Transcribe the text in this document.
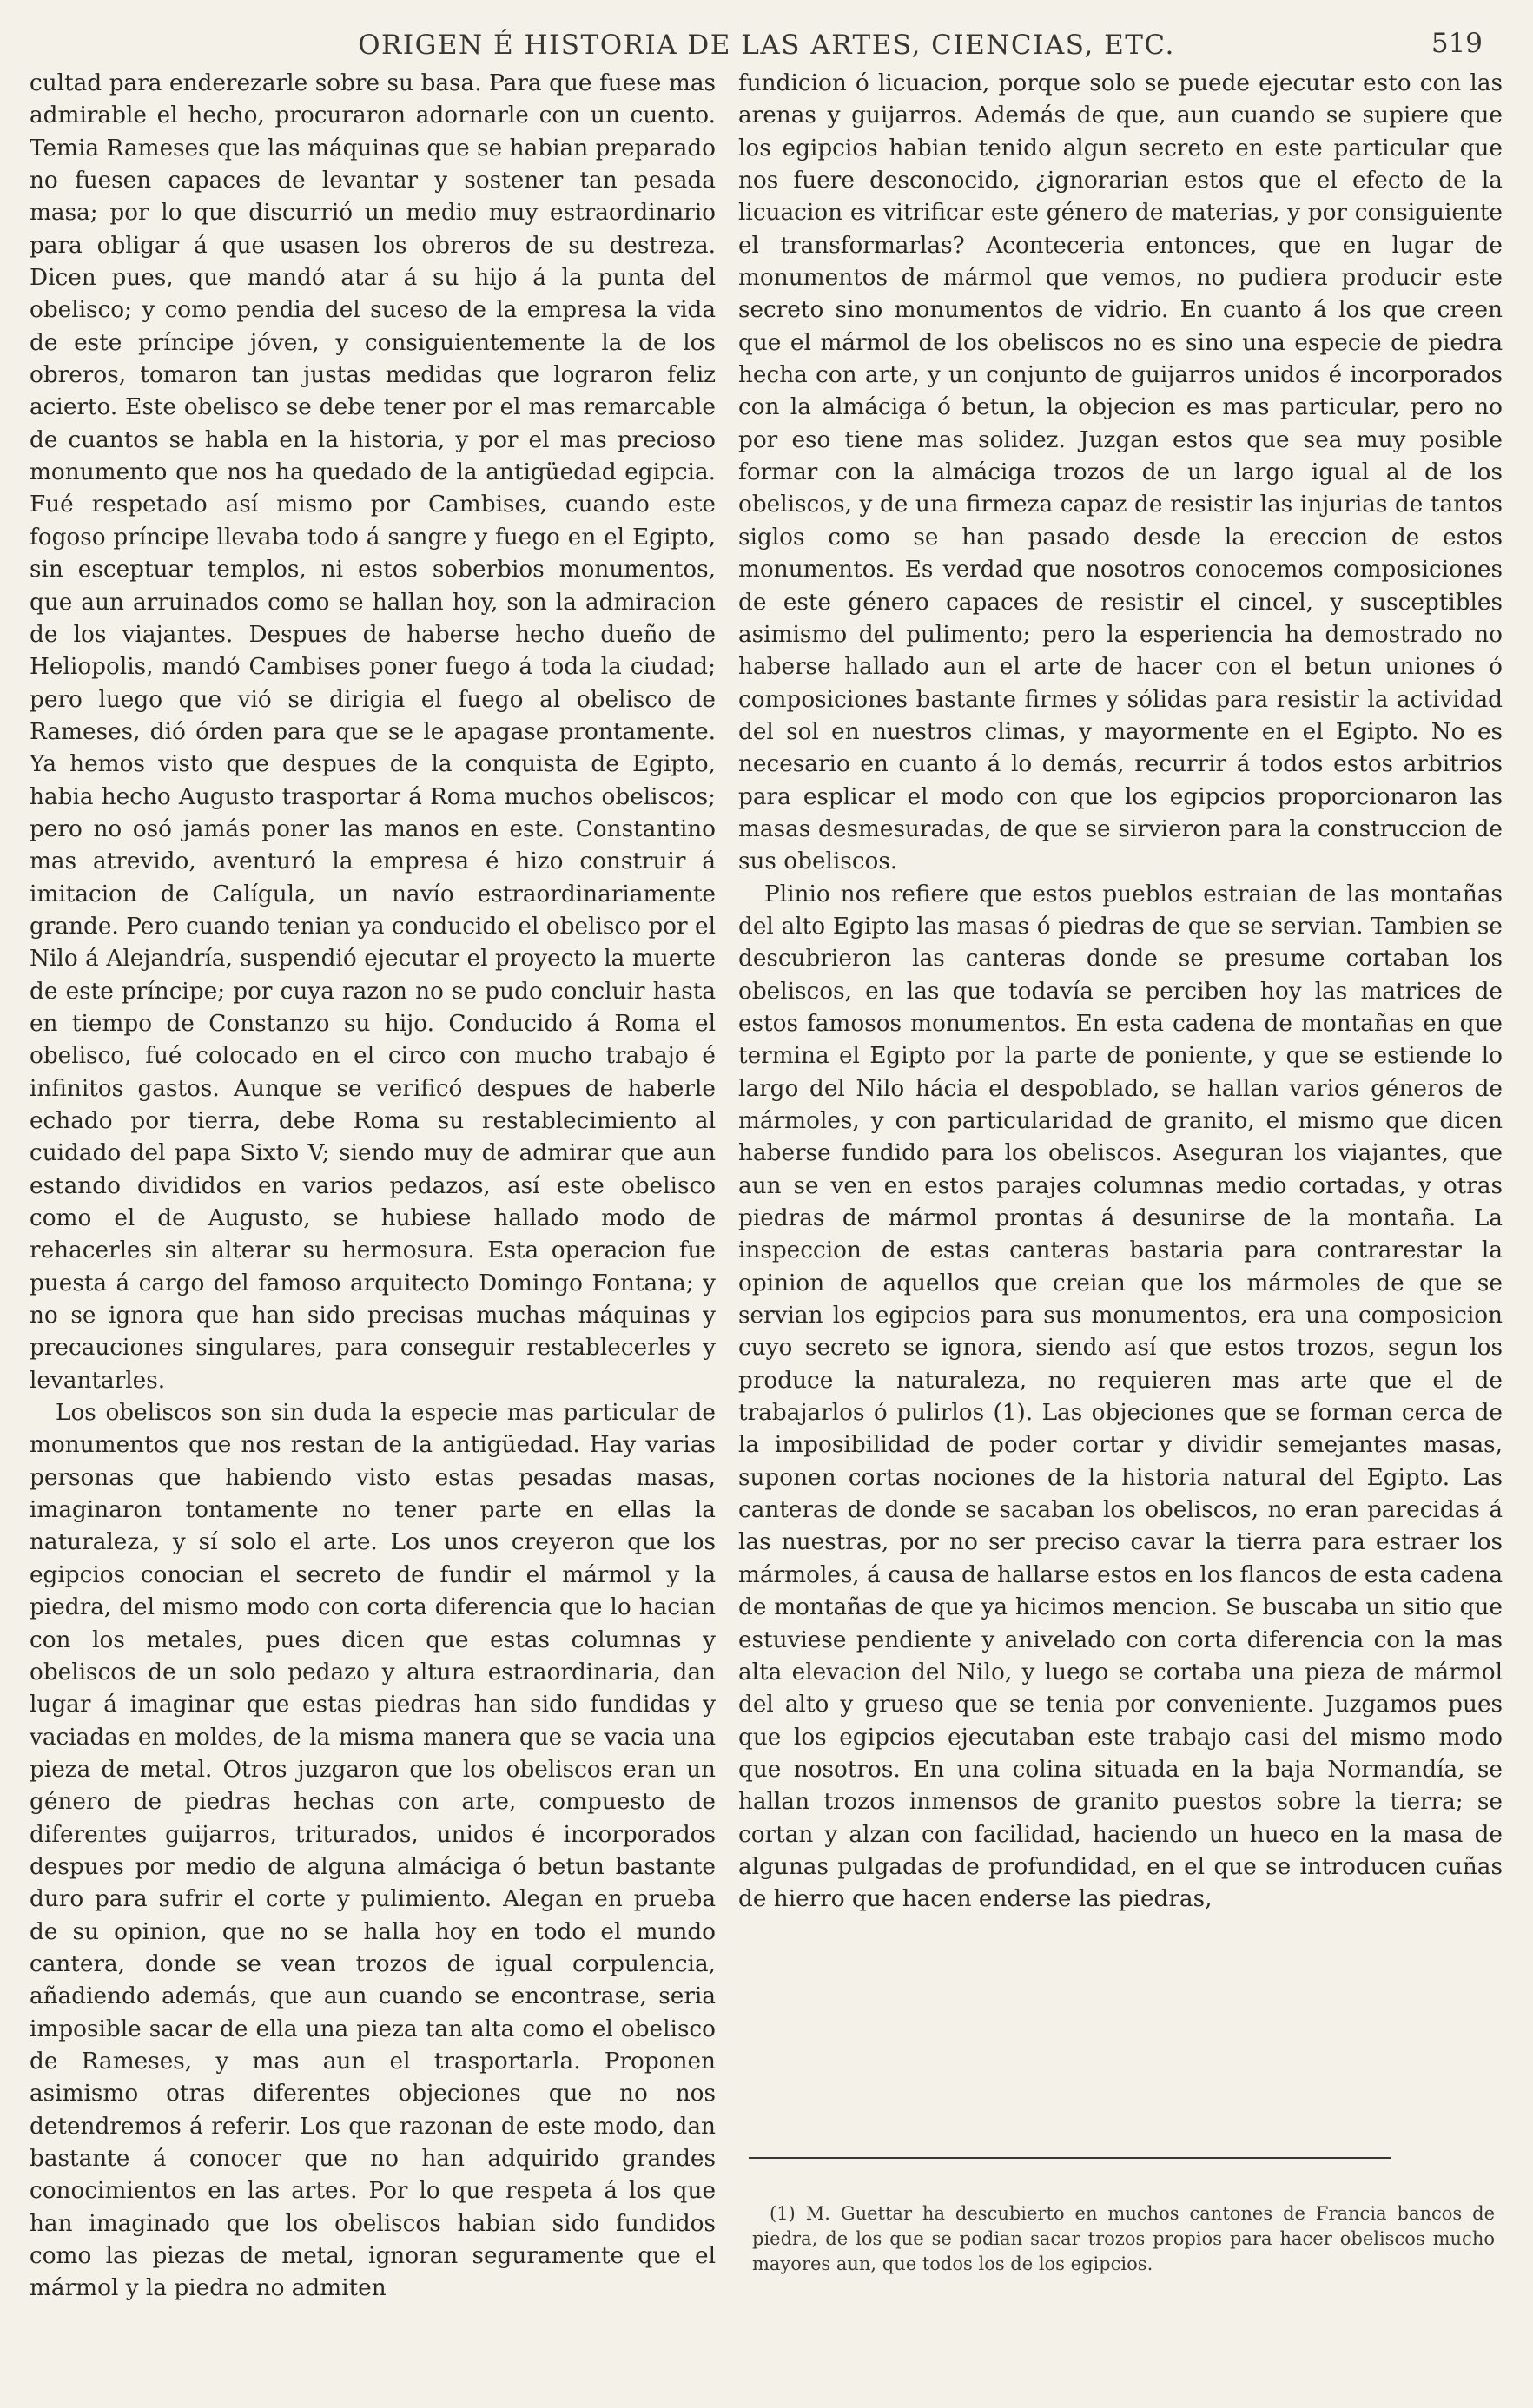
ORIGEN É HISTORIA DE LAS ARTES, CIENCIAS, ETC.	519

cultad para enderezarle sobre su basa. Para que fuese mas admirable el hecho, procuraron adornarle con un cuento. Temia Rameses que las máquinas que se habian preparado no fuesen capaces de levantar y sostener tan pesada masa; por lo que discurrió un medio muy estraordinario para obligar á que usasen los obreros de su destreza. Dicen pues, que mandó atar á su hijo á la punta del obelisco; y como pendia del suceso de la empresa la vida de este príncipe jóven, y consiguientemente la de los obreros, tomaron tan justas medidas que lograron feliz acierto. Este obelisco se debe tener por el mas remarcable de cuantos se habla en la historia, y por el mas precioso monumento que nos ha quedado de la antigüedad egipcia. Fué respetado así mismo por Cambises, cuando este fogoso príncipe llevaba todo á sangre y fuego en el Egipto, sin esceptuar templos, ni estos soberbios monumentos, que aun arruinados como se hallan hoy, son la admiracion de los viajantes. Despues de haberse hecho dueño de Heliopolis, mandó Cambises poner fuego á toda la ciudad; pero luego que vió se dirigia el fuego al obelisco de Rameses, dió órden para que se le apagase prontamente. Ya hemos visto que despues de la conquista de Egipto, habia hecho Augusto trasportar á Roma muchos obeliscos; pero no osó jamás poner las manos en este. Constantino mas atrevido, aventuró la empresa é hizo construir á imitacion de Calígula, un navío estraordinariamente grande. Pero cuando tenian ya conducido el obelisco por el Nilo á Alejandría, suspendió ejecutar el proyecto la muerte de este príncipe; por cuya razon no se pudo concluir hasta en tiempo de Constanzo su hijo. Conducido á Roma el obelisco, fué colocado en el circo con mucho trabajo é infinitos gastos. Aunque se verificó despues de haberle echado por tierra, debe Roma su restablecimiento al cuidado del papa Sixto V; siendo muy de admirar que aun estando divididos en varios pedazos, así este obelisco como el de Augusto, se hubiese hallado modo de rehacerles sin alterar su hermosura. Esta operacion fue puesta á cargo del famoso arquitecto Domingo Fontana; y no se ignora que han sido precisas muchas máquinas y precauciones singulares, para conseguir restablecerles y levantarles.

Los obeliscos son sin duda la especie mas particular de monumentos que nos restan de la antigüedad. Hay varias personas que habiendo visto estas pesadas masas, imaginaron tontamente no tener parte en ellas la naturaleza, y sí solo el arte. Los unos creyeron que los egipcios conocian el secreto de fundir el mármol y la piedra, del mismo modo con corta diferencia que lo hacian con los metales, pues dicen que estas columnas y obeliscos de un solo pedazo y altura estraordinaria, dan lugar á imaginar que estas piedras han sido fundidas y vaciadas en moldes, de la misma manera que se vacia una pieza de metal. Otros juzgaron que los obeliscos eran un género de piedras hechas con arte, compuesto de diferentes guijarros, triturados, unidos é incorporados despues por medio de alguna almáciga ó betun bastante duro para sufrir el corte y pulimiento. Alegan en prueba de su opinion, que no se halla hoy en todo el mundo cantera, donde se vean trozos de igual corpulencia, añadiendo además, que aun cuando se encontrase, seria imposible sacar de ella una pieza tan alta como el obelisco de Rameses, y mas aun el trasportarla. Proponen asimismo otras diferentes objeciones que no nos detendremos á referir. Los que razonan de este modo, dan bastante á conocer que no han adquirido grandes conocimientos en las artes. Por lo que respeta á los que han imaginado que los obeliscos habian sido fundidos como las piezas de metal, ignoran seguramente que el mármol y la piedra no admiten

fundicion ó licuacion, porque solo se puede ejecutar esto con las arenas y guijarros. Además de que, aun cuando se supiere que los egipcios habian tenido algun secreto en este particular que nos fuere desconocido, ¿ignorarian estos que el efecto de la licuacion es vitrificar este género de materias, y por consiguiente el transformarlas? Aconteceria entonces, que en lugar de monumentos de mármol que vemos, no pudiera producir este secreto sino monumentos de vidrio. En cuanto á los que creen que el mármol de los obeliscos no es sino una especie de piedra hecha con arte, y un conjunto de guijarros unidos é incorporados con la almáciga ó betun, la objecion es mas particular, pero no por eso tiene mas solidez. Juzgan estos que sea muy posible formar con la almáciga trozos de un largo igual al de los obeliscos, y de una firmeza capaz de resistir las injurias de tantos siglos como se han pasado desde la ereccion de estos monumentos. Es verdad que nosotros conocemos composiciones de este género capaces de resistir el cincel, y susceptibles asimismo del pulimento; pero la esperiencia ha demostrado no haberse hallado aun el arte de hacer con el betun uniones ó composiciones bastante firmes y sólidas para resistir la actividad del sol en nuestros climas, y mayormente en el Egipto. No es necesario en cuanto á lo demás, recurrir á todos estos arbitrios para esplicar el modo con que los egipcios proporcionaron las masas desmesuradas, de que se sirvieron para la construccion de sus obeliscos.

Plinio nos refiere que estos pueblos estraian de las montañas del alto Egipto las masas ó piedras de que se servian. Tambien se descubrieron las canteras donde se presume cortaban los obeliscos, en las que todavía se perciben hoy las matrices de estos famosos monumentos. En esta cadena de montañas en que termina el Egipto por la parte de poniente, y que se estiende lo largo del Nilo hácia el despoblado, se hallan varios géneros de mármoles, y con particularidad de granito, el mismo que dicen haberse fundido para los obeliscos. Aseguran los viajantes, que aun se ven en estos parajes columnas medio cortadas, y otras piedras de mármol prontas á desunirse de la montaña. La inspeccion de estas canteras bastaria para contrarestar la opinion de aquellos que creian que los mármoles de que se servian los egipcios para sus monumentos, era una composicion cuyo secreto se ignora, siendo así que estos trozos, segun los produce la naturaleza, no requieren mas arte que el de trabajarlos ó pulirlos (1). Las objeciones que se forman cerca de la imposibilidad de poder cortar y dividir semejantes masas, suponen cortas nociones de la historia natural del Egipto. Las canteras de donde se sacaban los obeliscos, no eran parecidas á las nuestras, por no ser preciso cavar la tierra para estraer los mármoles, á causa de hallarse estos en los flancos de esta cadena de montañas de que ya hicimos mencion. Se buscaba un sitio que estuviese pendiente y anivelado con corta diferencia con la mas alta elevacion del Nilo, y luego se cortaba una pieza de mármol del alto y grueso que se tenia por conveniente. Juzgamos pues que los egipcios ejecutaban este trabajo casi del mismo modo que nosotros. En una colina situada en la baja Normandía, se hallan trozos inmensos de granito puestos sobre la tierra; se cortan y alzan con facilidad, haciendo un hueco en la masa de algunas pulgadas de profundidad, en el que se introducen cuñas de hierro que hacen enderse las piedras,

(1) M. Guettar ha descubierto en muchos cantones de Francia bancos de piedra, de los que se podian sacar trozos propios para hacer obeliscos mucho mayores aun, que todos los de los egipcios.
